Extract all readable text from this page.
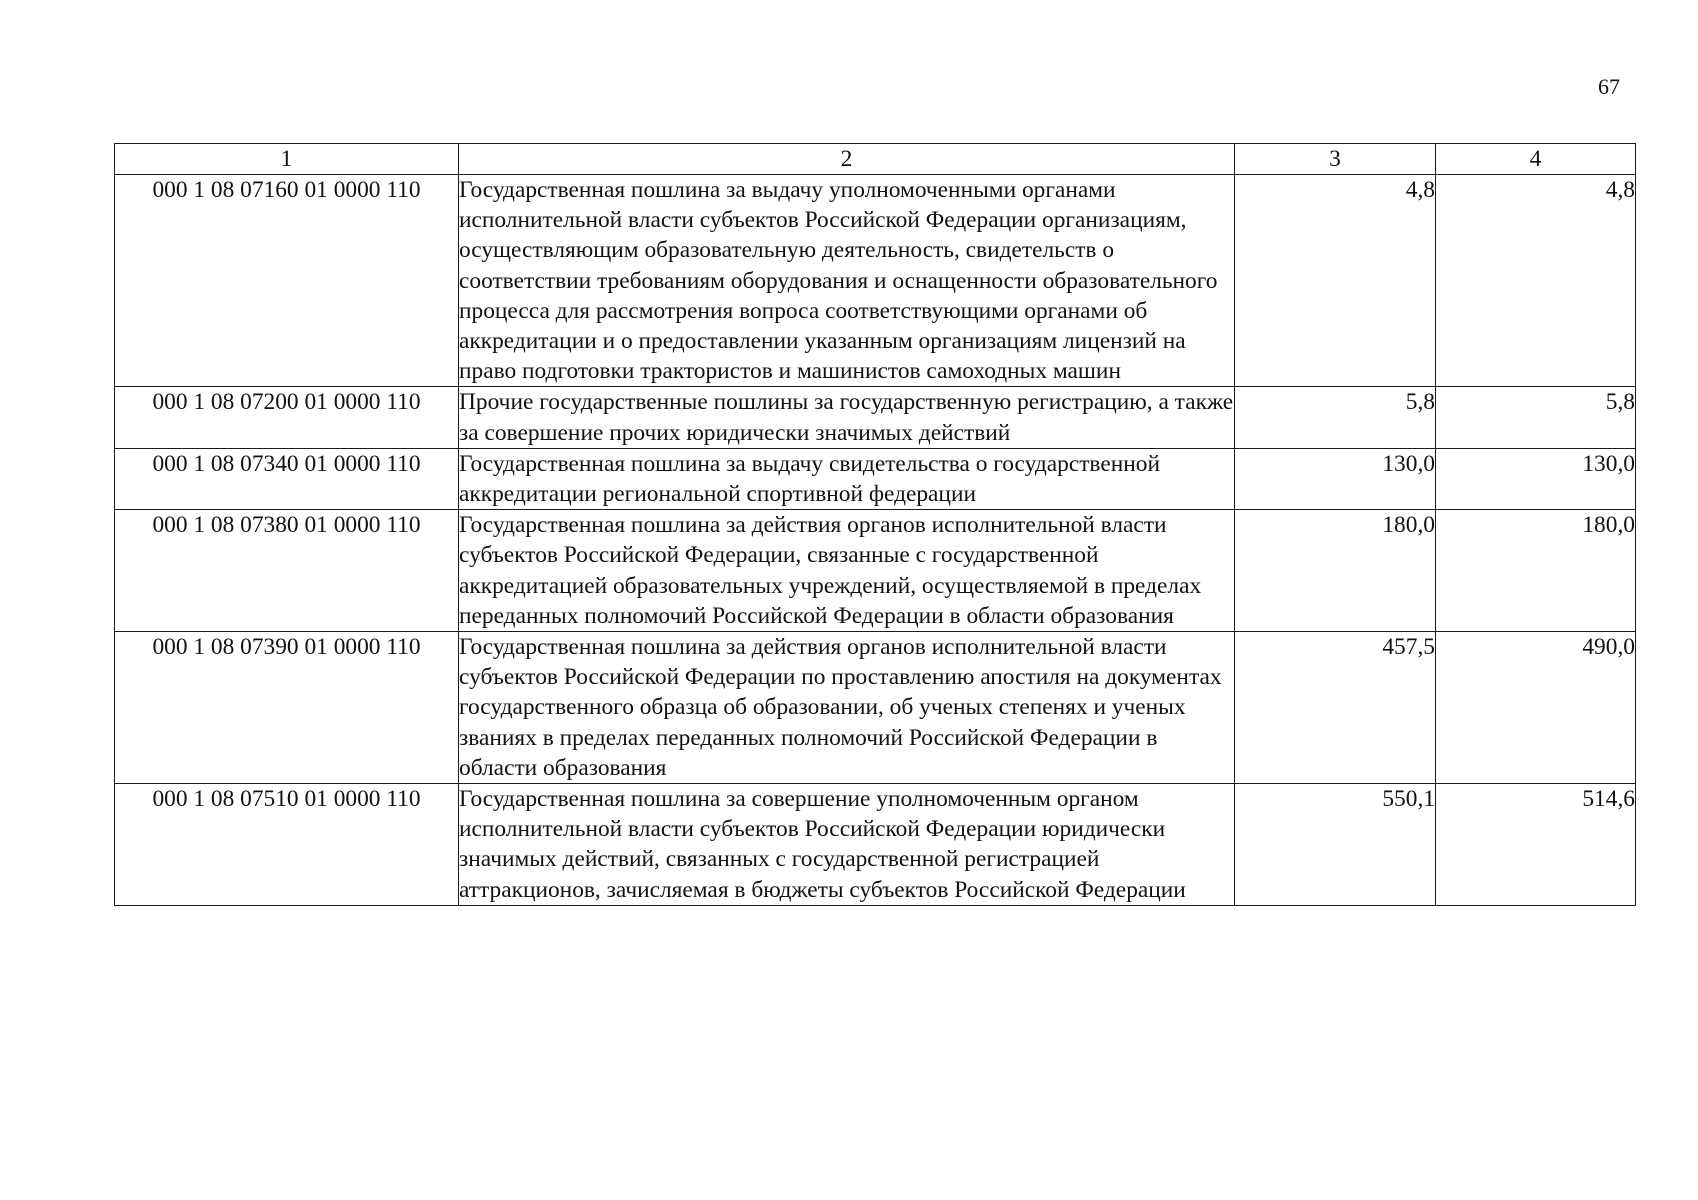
67
1	2	3	4
000 1 08 07160 01 0000 110	Государственная пошлина за выдачу уполномоченными органами исполнительной власти субъектов Российской Федерации организациям, осуществляющим образовательную деятельность, свидетельств о соответствии требованиям оборудования и оснащенности образовательного процесса для рассмотрения вопроса соответствующими органами об аккредитации и о предоставлении указанным организациям лицензий на право подготовки трактористов и машинистов самоходных машин	4,8	4,8
000 1 08 07200 01 0000 110	Прочие государственные пошлины за государственную регистрацию, а также за совершение прочих юридически значимых действий	5,8	5,8
000 1 08 07340 01 0000 110	Государственная пошлина за выдачу свидетельства о государственной аккредитации региональной спортивной федерации	130,0	130,0
000 1 08 07380 01 0000 110	Государственная пошлина за действия органов исполнительной власти субъектов Российской Федерации, связанные с государственной аккредитацией образовательных учреждений, осуществляемой в пределах переданных полномочий Российской Федерации в области образования	180,0	180,0
000 1 08 07390 01 0000 110	Государственная пошлина за действия органов исполнительной власти субъектов Российской Федерации по проставлению апостиля на документах государственного образца об образовании, об ученых степенях и ученых званиях в пределах переданных полномочий Российской Федерации в области образования	457,5	490,0
000 1 08 07510 01 0000 110	Государственная пошлина за совершение уполномоченным органом исполнительной власти субъектов Российской Федерации юридически значимых действий, связанных с государственной регистрацией аттракционов, зачисляемая в бюджеты субъектов Российской Федерации	550,1	514,6
